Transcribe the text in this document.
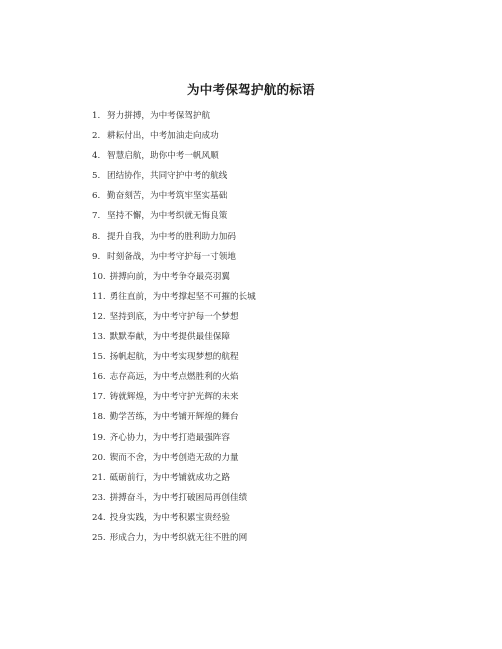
为中考保驾护航的标语
1. 努力拼搏，为中考保驾护航
2. 耕耘付出，中考加油走向成功
4. 智慧启航，助你中考一帆风顺
5. 团结协作，共同守护中考的航线
6. 勤奋刻苦，为中考筑牢坚实基础
7. 坚持不懈，为中考织就无悔良策
8. 提升自我，为中考的胜利助力加码
9. 时刻备战，为中考守护每一寸领地
10. 拼搏向前，为中考争夺最亮羽翼
11. 勇往直前，为中考撑起坚不可摧的长城
12. 坚持到底，为中考守护每一个梦想
13. 默默奉献，为中考提供最佳保障
15. 扬帆起航，为中考实现梦想的航程
16. 志存高远，为中考点燃胜利的火焰
17. 铸就辉煌，为中考守护光辉的未来
18. 勤学苦练，为中考铺开辉煌的舞台
19. 齐心协力，为中考打造最强阵容
20. 锲而不舍，为中考创造无敌的力量
21. 砥砺前行，为中考铺就成功之路
23. 拼搏奋斗，为中考打破困局再创佳绩
24. 投身实践，为中考积累宝贵经验
25. 形成合力，为中考织就无往不胜的网
